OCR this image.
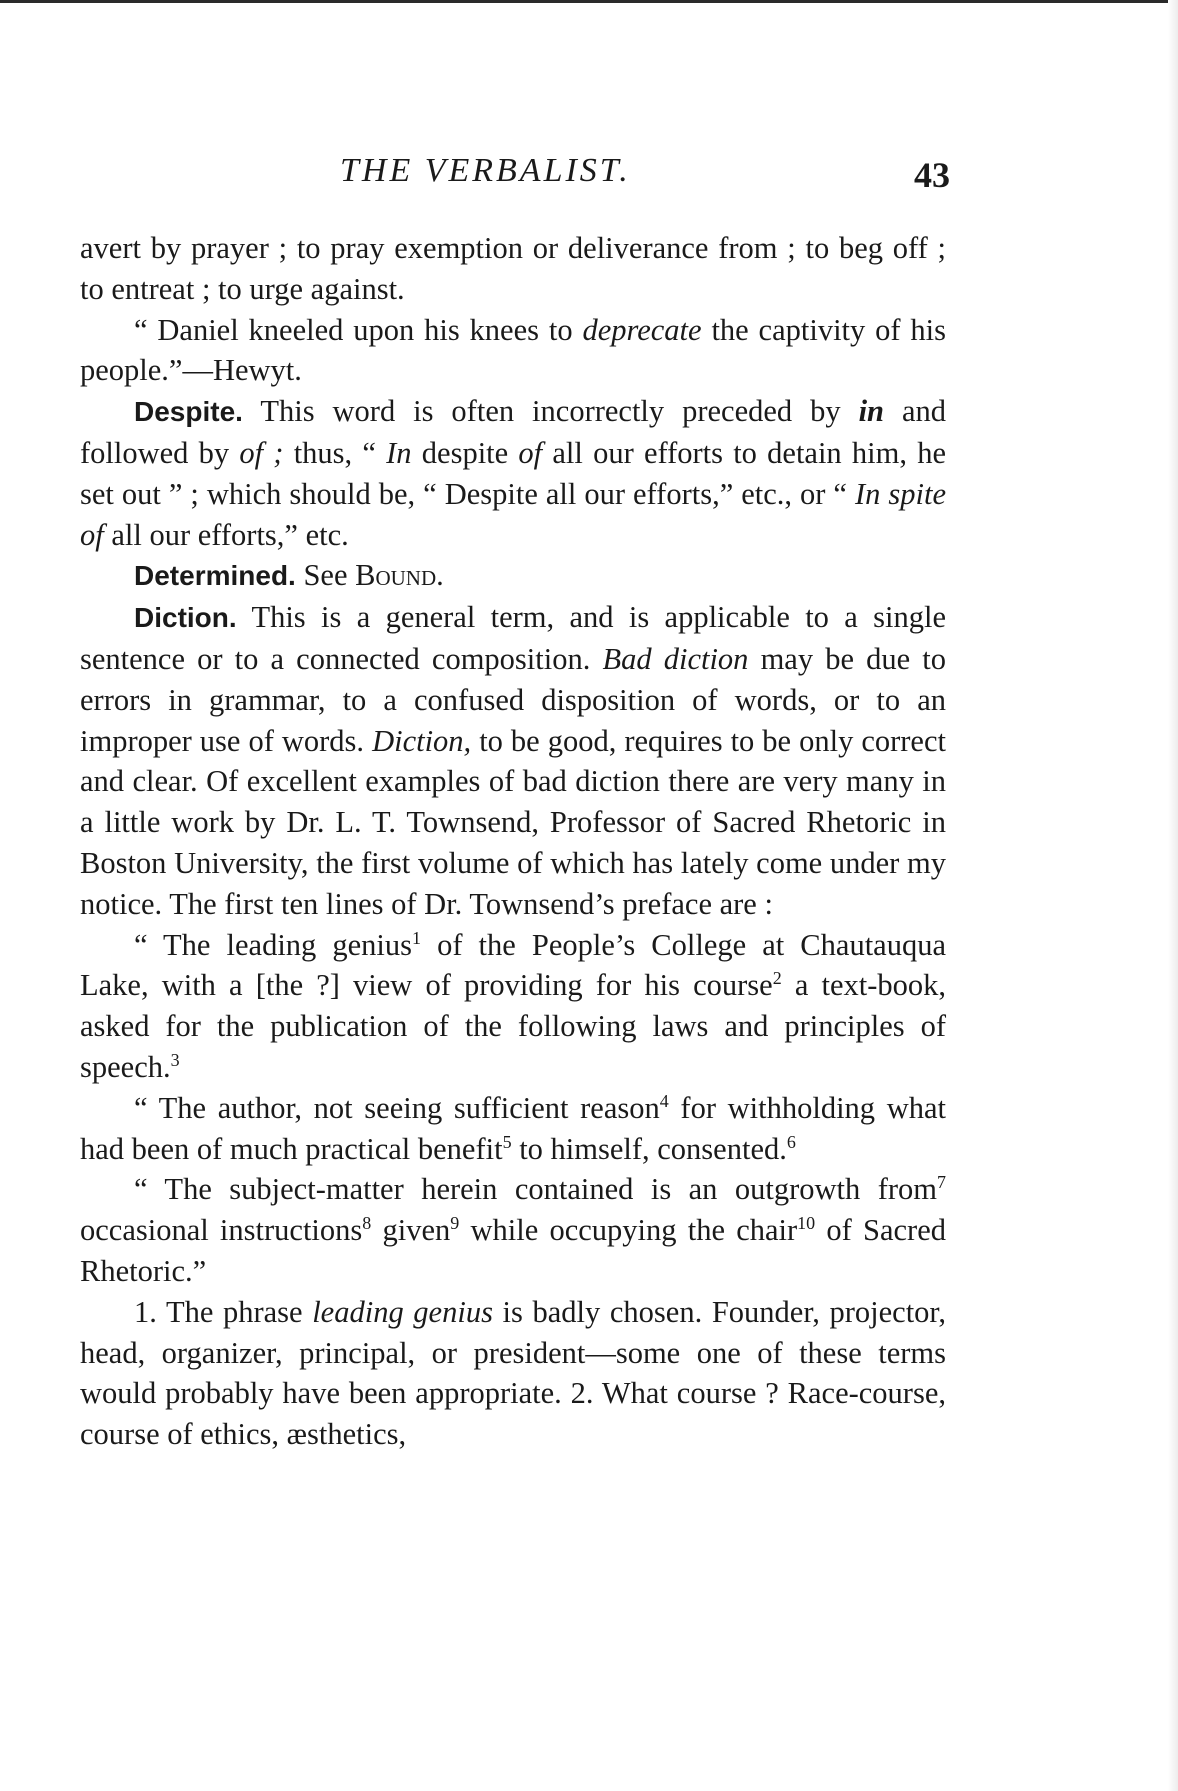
THE VERBALIST.	43

avert by prayer ; to pray exemption or deliverance from ; to beg off ; to entreat ; to urge against.

“ Daniel kneeled upon his knees to deprecate the captivity of his people.”—Hewyt.

Despite. This word is often incorrectly preceded by in and followed by of ; thus, “ In despite of all our efforts to detain him, he set out ” ; which should be, “ Despite all our efforts,” etc., or “ In spite of all our efforts,” etc.

Determined. See Bound.

Diction. This is a general term, and is applicable to a single sentence or to a connected composition. Bad diction may be due to errors in grammar, to a confused disposition of words, or to an improper use of words. Diction, to be good, requires to be only correct and clear. Of excellent examples of bad diction there are very many in a little work by Dr. L. T. Townsend, Professor of Sacred Rhetoric in Boston University, the first volume of which has lately come under my notice. The first ten lines of Dr. Townsend’s preface are :

“ The leading genius$^1$ of the People’s College at Chautauqua Lake, with a [the ?] view of providing for his course$^2$ a text-book, asked for the publication of the following laws and principles of speech.$^3$

“ The author, not seeing sufficient reason$^4$ for withholding what had been of much practical benefit$^5$ to himself, consented.$^6$

“ The subject-matter herein contained is an outgrowth from$^7$ occasional instructions$^8$ given$^9$ while occupying the chair$^{10}$ of Sacred Rhetoric.”

1. The phrase leading genius is badly chosen. Founder, projector, head, organizer, principal, or president—some one of these terms would probably have been appropriate. 2. What course ? Race-course, course of ethics, æsthetics,
